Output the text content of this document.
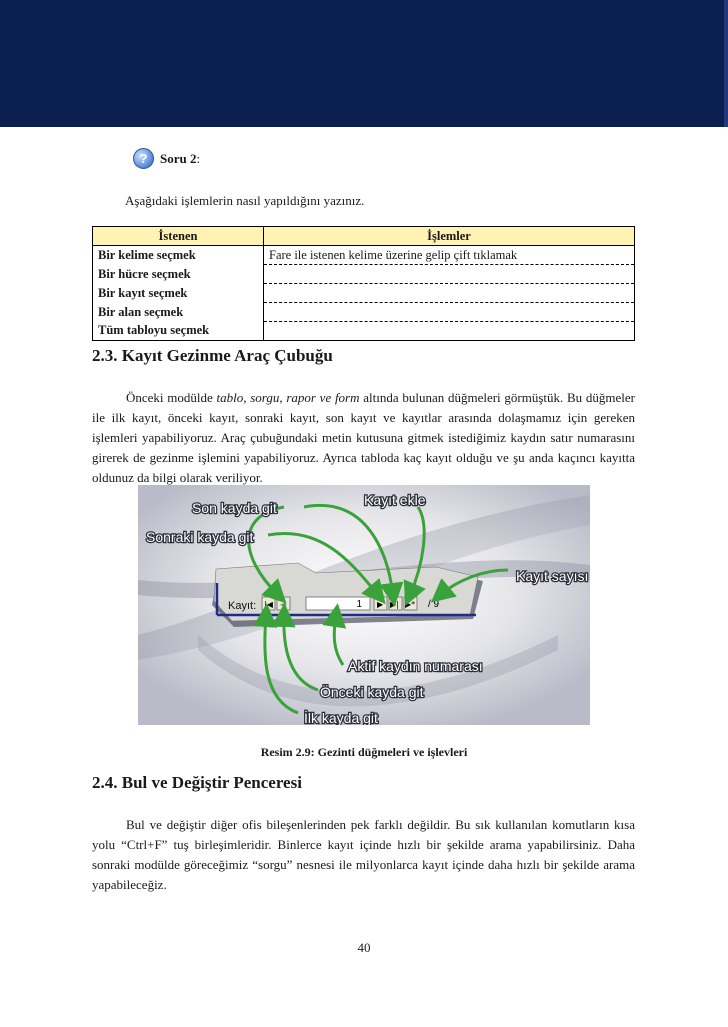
? Soru 2:
Aşağıdaki işlemlerin nasıl yapıldığını yazınız.
İstenen	İşlemler
Bir kelime seçmek	Fare ile istenen kelime üzerine gelip çift tıklamak
Bir hücre seçmek	
Bir kayıt seçmek	
Bir alan seçmek	
Tüm tabloyu seçmek	
2.3. Kayıt Gezinme Araç Çubuğu

Önceki modülde tablo, sorgu, rapor ve form altında bulunan düğmeleri görmüştük. Bu düğmeler ile ilk kayıt, önceki kayıt, sonraki kayıt, son kayıt ve kayıtlar arasında dolaşmamız için gereken işlemleri yapabiliyoruz. Araç çubuğundaki metin kutusuna gitmek istediğimiz kaydın satır numarasını girerek de gezinme işlemini yapabiliyoruz. Ayrıca tabloda kaç kayıt olduğu ve şu anda kaçıncı kayıtta oldunuz da bilgi olarak veriliyor.

Kayıt: |◀ ◀	1 ▶ ▶| ▶* / 9
Son kayda git
Sonraki kayda git
Kayıt ekle
Kayıt sayısı
Aktif kaydın numarası
Önceki kayda git
İlk kayda git
Resim 2.9: Gezinti düğmeleri ve işlevleri
2.4. Bul ve Değiştir Penceresi

Bul ve değiştir diğer ofis bileşenlerinden pek farklı değildir. Bu sık kullanılan komutların kısa yolu “Ctrl+F” tuş birleşimleridir. Binlerce kayıt içinde hızlı bir şekilde arama yapabilirsiniz. Daha sonraki modülde göreceğimiz “sorgu” nesnesi ile milyonlarca kayıt içinde daha hızlı bir şekilde arama yapabileceğiz.

40
